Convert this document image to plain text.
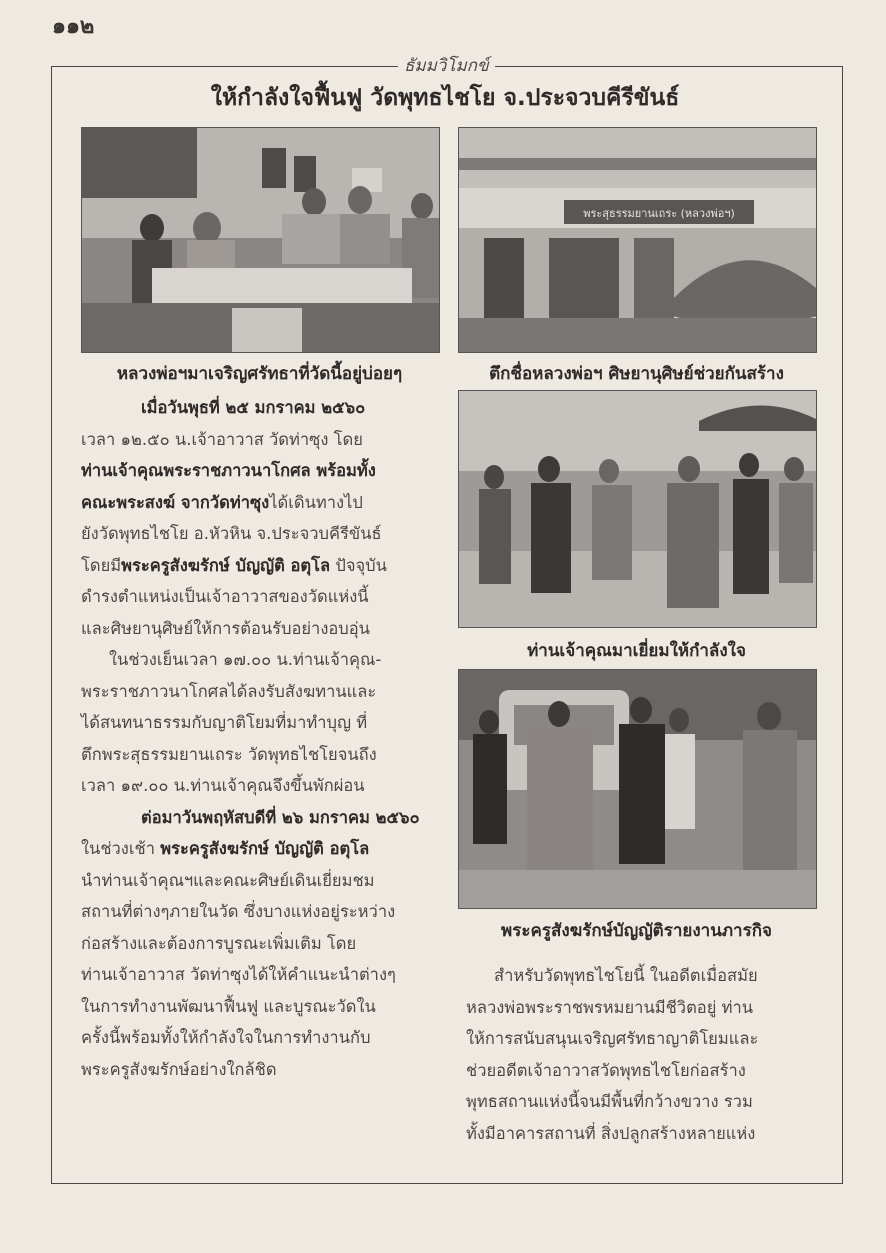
๑๑๒
ธัมมวิโมกข์
ให้กำลังใจฟื้นฟู วัดพุทธไชโย จ.ประจวบคีรีขันธ์
หลวงพ่อฯมาเจริญศรัทธาที่วัดนี้อยู่บ่อยๆ
พระสุธรรมยานเถระ (หลวงพ่อฯ)
ตึกชื่อหลวงพ่อฯ ศิษยานุศิษย์ช่วยกันสร้าง
ท่านเจ้าคุณมาเยี่ยมให้กำลังใจ
พระครูสังฆรักษ์บัญญัติรายงานภารกิจ

เมื่อวันพุธที่ ๒๕ มกราคม ๒๕๖๐

เวลา ๑๒.๕๐ น.เจ้าอาวาส วัดท่าซุง โดย

ท่านเจ้าคุณพระราชภาวนาโกศล พร้อมทั้ง

คณะพระสงฆ์ จากวัดท่าซุงได้เดินทางไป

ยังวัดพุทธไชโย อ.หัวหิน จ.ประจวบคีรีขันธ์

โดยมีพระครูสังฆรักษ์ บัญญัติ อตุโล ปัจจุบัน

ดำรงตำแหน่งเป็นเจ้าอาวาสของวัดแห่งนี้

และศิษยานุศิษย์ให้การต้อนรับอย่างอบอุ่น

ในช่วงเย็นเวลา ๑๗.๐๐ น.ท่านเจ้าคุณ-

พระราชภาวนาโกศลได้ลงรับสังฆทานและ

ได้สนทนาธรรมกับญาติโยมที่มาทำบุญ ที่

ตึกพระสุธรรมยานเถระ วัดพุทธไชโยจนถึง

เวลา ๑๙.๐๐ น.ท่านเจ้าคุณจึงขึ้นพักผ่อน

ต่อมาวันพฤหัสบดีที่ ๒๖ มกราคม ๒๕๖๐

ในช่วงเช้า พระครูสังฆรักษ์ บัญญัติ อตุโล

นำท่านเจ้าคุณฯและคณะศิษย์เดินเยี่ยมชม

สถานที่ต่างๆภายในวัด ซึ่งบางแห่งอยู่ระหว่าง

ก่อสร้างและต้องการบูรณะเพิ่มเติม โดย

ท่านเจ้าอาวาส วัดท่าซุงได้ให้คำแนะนำต่างๆ

ในการทำงานพัฒนาฟื้นฟู และบูรณะวัดใน

ครั้งนี้พร้อมทั้งให้กำลังใจในการทำงานกับ

พระครูสังฆรักษ์อย่างใกล้ชิด

สำหรับวัดพุทธไชโยนี้ ในอดีตเมื่อสมัย

หลวงพ่อพระราชพรหมยานมีชีวิตอยู่ ท่าน

ให้การสนับสนุนเจริญศรัทธาญาติโยมและ

ช่วยอดีตเจ้าอาวาสวัดพุทธไชโยก่อสร้าง

พุทธสถานแห่งนี้จนมีพื้นที่กว้างขวาง รวม

ทั้งมีอาคารสถานที่ สิ่งปลูกสร้างหลายแห่ง
